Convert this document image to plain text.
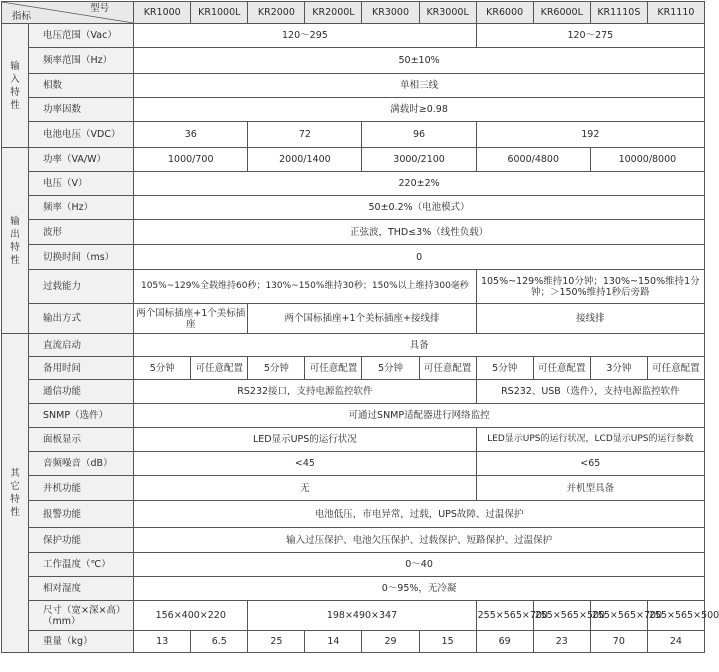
型号
指标		KR1000	KR1000L	KR2000	KR2000L	KR3000	KR3000L	KR6000	KR6000L	KR1110S	KR1110
输入特性	电压范围（Vac）	120～295						120～275			
	频率范围（Hz）	50±10%									
	相数	单相三线									
	功率因数	满载时≥0.98									
	电池电压（VDC）	36		72		96		192			
输出特性	功率（VA/W）	1000/700		2000/1400		3000/2100		6000/4800		10000/8000	
	电压（V）	220±2%									
	频率（Hz）	50±0.2%（电池模式）									
	波形	正弦波，THD≤3%（线性负载）									
	切换时间（ms）	0									
	过载能力	105%~129%全载维持60秒；130%~150%维持30秒；150%以上维持300毫秒						105%~129%维持10分钟；130%~150%维持1分钟；＞150%维持1秒后旁路			
	输出方式	两个国标插座+1个美标插座		两个国标插座+1个美标插座+接线排				接线排			
其它特性	直流启动	具备									
	备用时间	5分钟	可任意配置	5分钟	可任意配置	5分钟	可任意配置	5分钟	可任意配置	3分钟	可任意配置
	通信功能	RS232接口，支持电源监控软件						RS232、USB（选件），支持电源监控软件			
	SNMP（选件）	可通过SNMP适配器进行网络监控									
	面板显示	LED显示UPS的运行状况						LED显示UPS的运行状况，LCD显示UPS的运行参数			
	音频噪音（dB）	<45						<65			
	并机功能	无						并机型具备			
	报警功能	电池低压，市电异常，过载，UPS故障、过温保护									
	保护功能	输入过压保护、电池欠压保护、过载保护、短路保护、过温保护									
	工作温度（℃）	0～40									
	相对湿度	0～95%，无冷凝									
	尺寸（宽×深×高）（mm）	156×400×220		198×490×347				255×565×700	255×565×500	255×565×700	255×565×500
	重量（kg）	13	6.5	25	14	29	15	69	23	70	24
